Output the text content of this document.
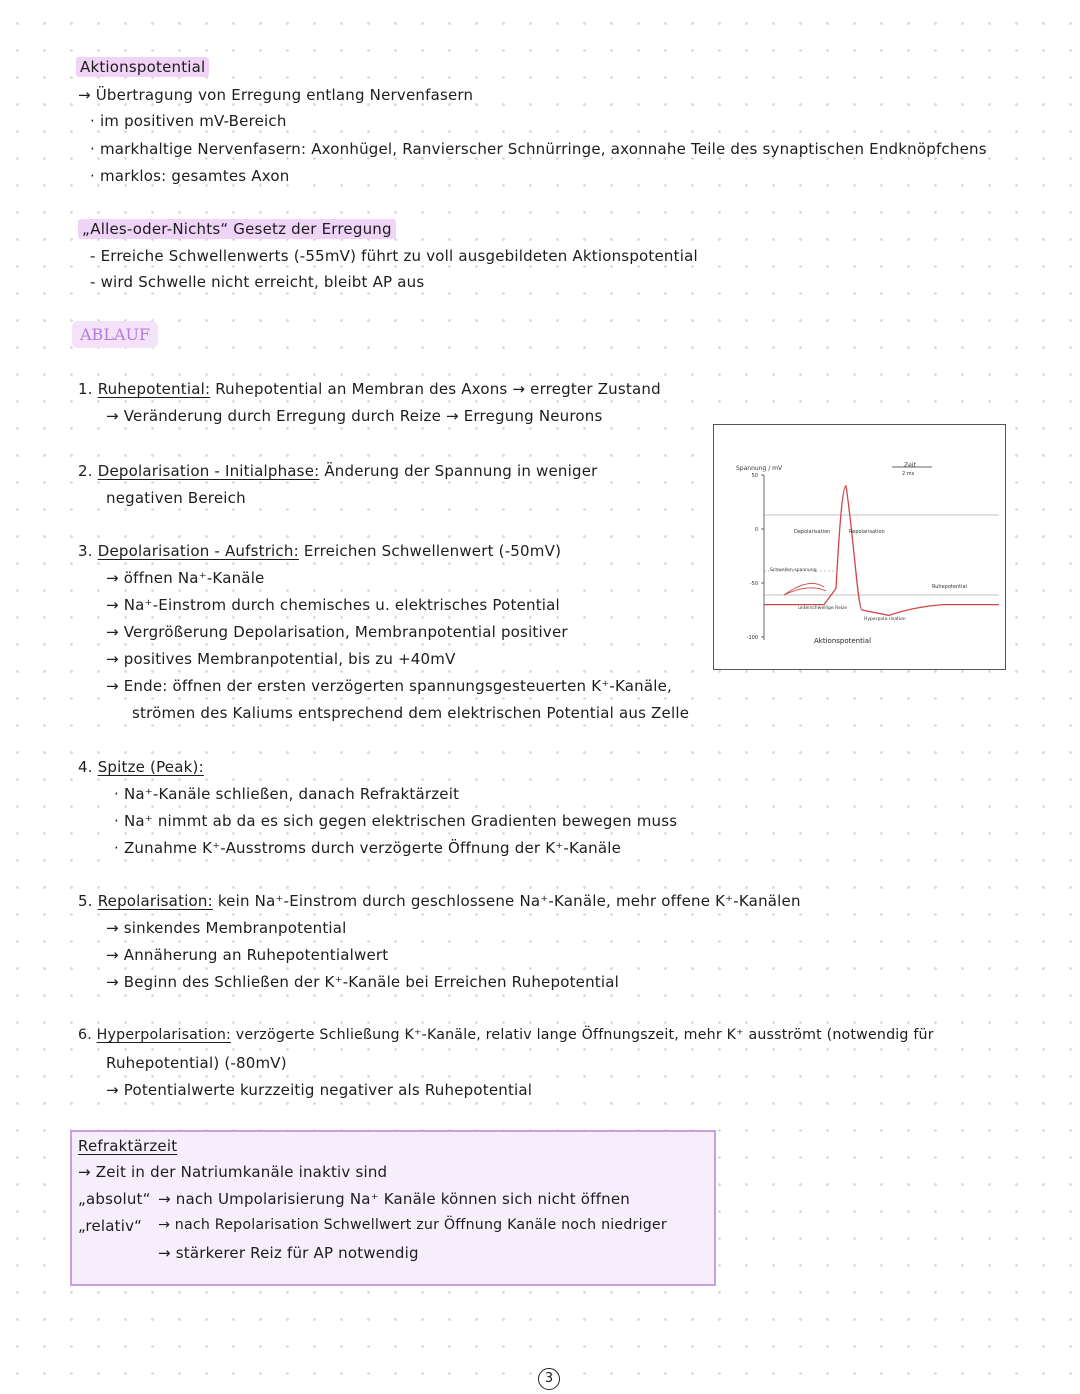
Aktionspotential
→ Übertragung von Erregung entlang Nervenfasern
· im positiven mV-Bereich
· markhaltige Nervenfasern: Axonhügel, Ranvierscher Schnürringe, axonnahe Teile des synaptischen Endknöpfchens
· marklos: gesamtes Axon
„Alles-oder-Nichts“ Gesetz der Erregung
- Erreiche Schwellenwerts (-55mV) führt zu voll ausgebildeten Aktionspotential
- wird Schwelle nicht erreicht, bleibt AP aus
ABLAUF
1. Ruhepotential: Ruhepotential an Membran des Axons → erregter Zustand
→ Veränderung durch Erregung durch Reize → Erregung Neurons
2. Depolarisation - Initialphase: Änderung der Spannung in weniger
negativen Bereich
3. Depolarisation - Aufstrich: Erreichen Schwellenwert (-50mV)
→ öffnen Na⁺-Kanäle
→ Na⁺-Einstrom durch chemisches u. elektrisches Potential
→ Vergrößerung Depolarisation, Membranpotential positiver
→ positives Membranpotential, bis zu +40mV
→ Ende: öffnen der ersten verzögerten spannungsgesteuerten K⁺-Kanäle,
strömen des Kaliums entsprechend dem elektrischen Potential aus Zelle
Spannung / mV	Zeit
2 ms
50
0
-50
-100
Depolarisation	Repolarisation
Schwellen-spannung
unterschwellige Reize
Hyperpola-risation
Ruhepotential
Aktionspotential
4. Spitze (Peak):
· Na⁺-Kanäle schließen, danach Refraktärzeit
· Na⁺ nimmt ab da es sich gegen elektrischen Gradienten bewegen muss
· Zunahme K⁺-Ausstroms durch verzögerte Öffnung der K⁺-Kanäle
5. Repolarisation: kein Na⁺-Einstrom durch geschlossene Na⁺-Kanäle, mehr offene K⁺-Kanälen
→ sinkendes Membranpotential
→ Annäherung an Ruhepotentialwert
→ Beginn des Schließen der K⁺-Kanäle bei Erreichen Ruhepotential
6. Hyperpolarisation: verzögerte Schließung K⁺-Kanäle, relativ lange Öffnungszeit, mehr K⁺ ausströmt (notwendig für
Ruhepotential) (-80mV)
→ Potentialwerte kurzzeitig negativer als Ruhepotential
Refraktärzeit
→ Zeit in der Natriumkanäle inaktiv sind
„absolut“ → nach Umpolarisierung Na⁺ Kanäle können sich nicht öffnen
„relativ“ → nach Repolarisation Schwellwert zur Öffnung Kanäle noch niedriger
→ stärkerer Reiz für AP notwendig
3
